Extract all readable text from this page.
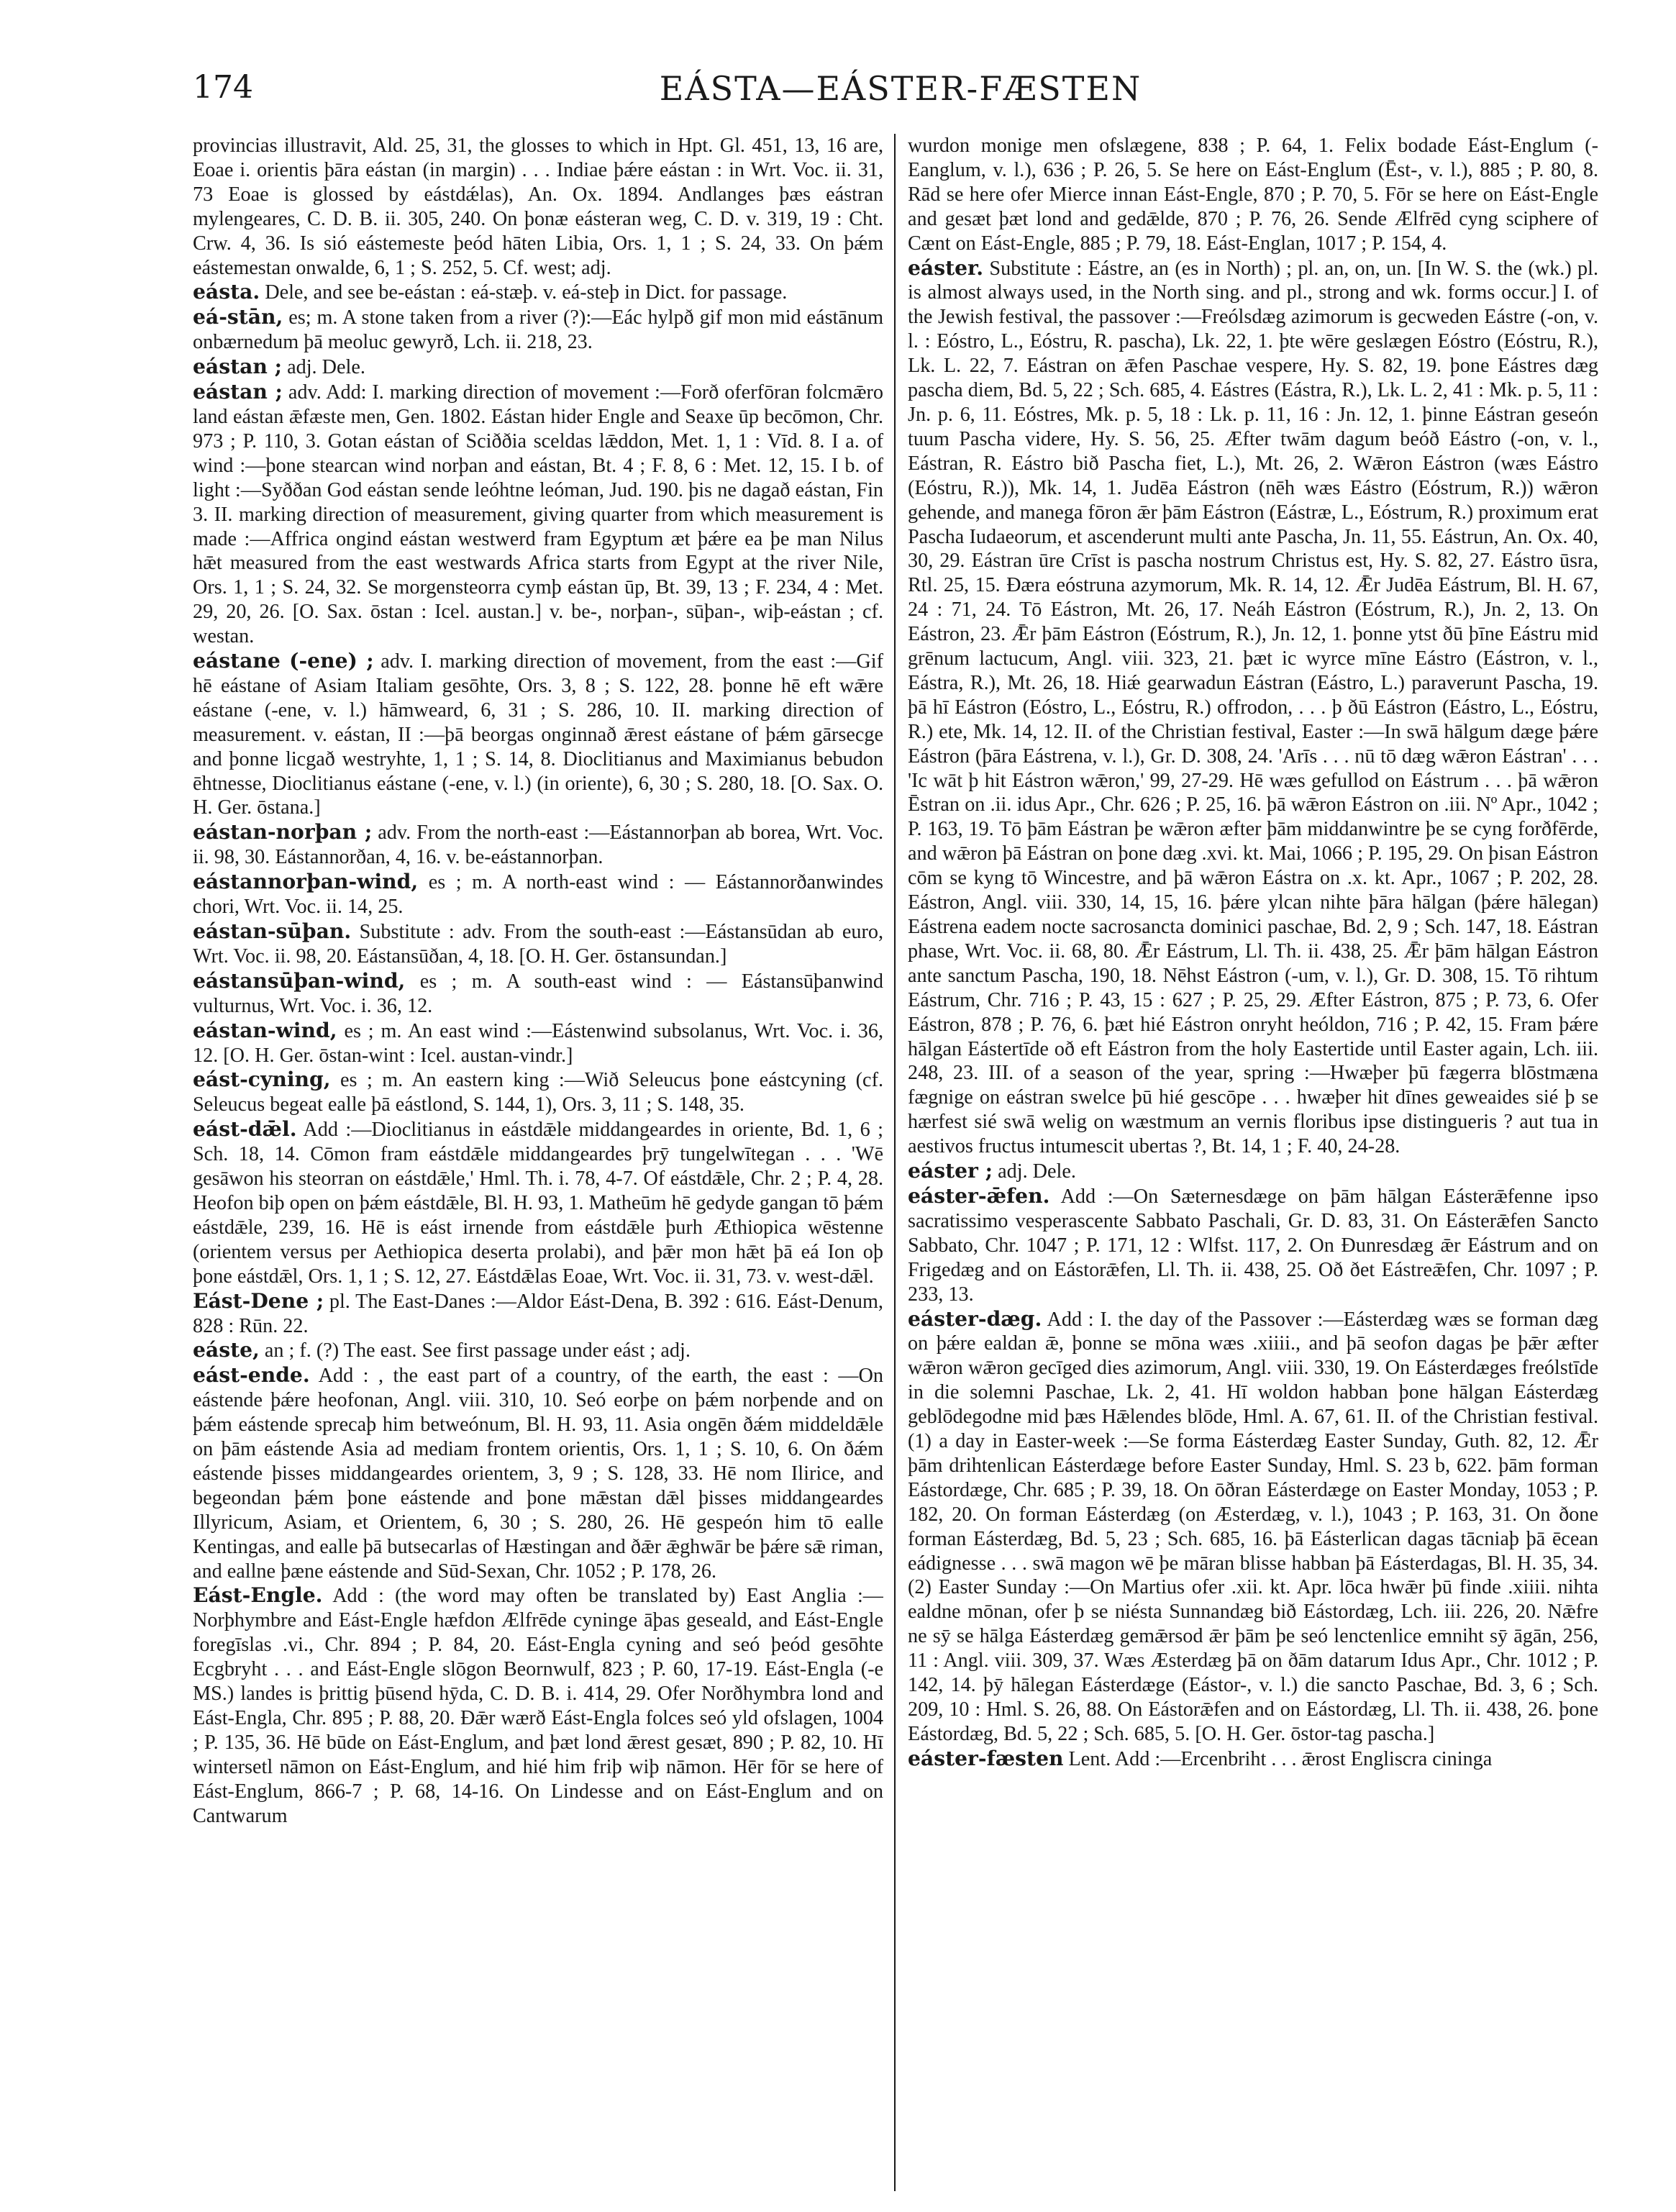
174	EÁSTA—EÁSTER-FÆSTEN

provincias illustravit, Ald. 25, 31, the glosses to which in Hpt. Gl. 451, 13, 16 are, Eoae i. orientis þāra eástan (in margin) . . . Indiae þǽre eástan : in Wrt. Voc. ii. 31, 73 Eoae is glossed by eástdǽlas), An. Ox. 1894. Andlanges þæs eástran mylengeares, C. D. B. ii. 305, 240. On þonæ eásteran weg, C. D. v. 319, 19 : Cht. Crw. 4, 36. Is sió eástemeste þeód hāten Libia, Ors. 1, 1 ; S. 24, 33. On þǽm eástemestan onwalde, 6, 1 ; S. 252, 5. Cf. west; adj.

eásta. Dele, and see be-eástan : eá-stæþ. v. eá-steþ in Dict. for passage.

eá-stān, es; m. A stone taken from a river (?):—Eác hylpð gif mon mid eástānum onbærnedum þā meoluc gewyrð, Lch. ii. 218, 23.

eástan ; adj. Dele.

eástan ; adv. Add: I. marking direction of movement :—Forð oferfōran folcmǣro land eástan ǣfæste men, Gen. 1802. Eástan hider Engle and Seaxe ūp becōmon, Chr. 973 ; P. 110, 3. Gotan eástan of Sciððia sceldas lǣddon, Met. 1, 1 : Vīd. 8. I a. of wind :—þone stearcan wind norþan and eástan, Bt. 4 ; F. 8, 6 : Met. 12, 15. I b. of light :—Syððan God eástan sende leóhtne leóman, Jud. 190. þis ne dagað eástan, Fin 3. II. marking direction of measurement, giving quarter from which measurement is made :—Affrica ongind eástan westwerd fram Egyptum æt þǽre ea þe man Nilus hǣt measured from the east westwards Africa starts from Egypt at the river Nile, Ors. 1, 1 ; S. 24, 32. Se morgensteorra cymþ eástan ūp, Bt. 39, 13 ; F. 234, 4 : Met. 29, 20, 26. [O. Sax. ōstan : Icel. austan.] v. be-, norþan-, sūþan-, wiþ-eástan ; cf. westan.

eástane (-ene) ; adv. I. marking direction of movement, from the east :—Gif hē eástane of Asiam Italiam gesōhte, Ors. 3, 8 ; S. 122, 28. þonne hē eft wǣre eástane (-ene, v. l.) hāmweard, 6, 31 ; S. 286, 10. II. marking direction of measurement. v. eástan, II :—þā beorgas onginnað ǣrest eástane of þǽm gārsecge and þonne licgað westryhte, 1, 1 ; S. 14, 8. Dioclitianus and Maximianus bebudon ēhtnesse, Dioclitianus eástane (-ene, v. l.) (in oriente), 6, 30 ; S. 280, 18. [O. Sax. O. H. Ger. ōstana.]

eástan-norþan ; adv. From the north-east :—Eástannorþan ab borea, Wrt. Voc. ii. 98, 30. Eástannorðan, 4, 16. v. be-eástannorþan.

eástannorþan-wind, es ; m. A north-east wind : — Eástannorðanwindes chori, Wrt. Voc. ii. 14, 25.

eástan-sūþan. Substitute : adv. From the south-east :—Eástansūdan ab euro, Wrt. Voc. ii. 98, 20. Eástansūðan, 4, 18. [O. H. Ger. ōstansundan.]

eástansūþan-wind, es ; m. A south-east wind : — Eástansūþanwind vulturnus, Wrt. Voc. i. 36, 12.

eástan-wind, es ; m. An east wind :—Eástenwind subsolanus, Wrt. Voc. i. 36, 12. [O. H. Ger. ōstan-wint : Icel. austan-vindr.]

eást-cyning, es ; m. An eastern king :—Wið Seleucus þone eástcyning (cf. Seleucus begeat ealle þā eástlond, S. 144, 1), Ors. 3, 11 ; S. 148, 35.

eást-dǣl. Add :—Dioclitianus in eástdǣle middangeardes in oriente, Bd. 1, 6 ; Sch. 18, 14. Cōmon fram eástdǣle middangeardes þrȳ tungelwītegan . . . 'Wē gesāwon his steorran on eástdǣle,' Hml. Th. i. 78, 4-7. Of eástdǣle, Chr. 2 ; P. 4, 28. Heofon biþ open on þǽm eástdǣle, Bl. H. 93, 1. Matheūm hē gedyde gangan tō þǽm eástdǣle, 239, 16. Hē is eást irnende from eástdǣle þurh Æthiopica wēstenne (orientem versus per Aethiopica deserta prolabi), and þǣr mon hǣt þā eá Ion oþ þone eástdǣl, Ors. 1, 1 ; S. 12, 27. Eástdǣlas Eoae, Wrt. Voc. ii. 31, 73. v. west-dǣl.

Eást-Dene ; pl. The East-Danes :—Aldor Eást-Dena, B. 392 : 616. Eást-Denum, 828 : Rūn. 22.

eáste, an ; f. (?) The east. See first passage under eást ; adj.

eást-ende. Add : , the east part of a country, of the earth, the east : —On eástende þǽre heofonan, Angl. viii. 310, 10. Seó eorþe on þǽm norþende and on þǽm eástende sprecaþ him betweónum, Bl. H. 93, 11. Asia ongēn ðǽm middeldǣle on þām eástende Asia ad mediam frontem orientis, Ors. 1, 1 ; S. 10, 6. On ðǽm eástende þisses middangeardes orientem, 3, 9 ; S. 128, 33. Hē nom Ilirice, and begeondan þǽm þone eástende and þone mǣstan dǣl þisses middangeardes Illyricum, Asiam, et Orientem, 6, 30 ; S. 280, 26. Hē gespeón him tō ealle Kentingas, and ealle þā butsecarlas of Hæstingan and ðǣr ǣghwār be þǽre sǣ riman, and eallne þæne eástende and Sūd-Sexan, Chr. 1052 ; P. 178, 26.

Eást-Engle. Add : (the word may often be translated by) East Anglia :—Norþhymbre and Eást-Engle hæfdon Ælfrēde cyninge āþas geseald, and Eást-Engle foregīslas .vi., Chr. 894 ; P. 84, 20. Eást-Engla cyning and seó þeód gesōhte Ecgbryht . . . and Eást-Engle slōgon Beornwulf, 823 ; P. 60, 17-19. Eást-Engla (-e MS.) landes is þrittig þūsend hȳda, C. D. B. i. 414, 29. Ofer Norðhymbra lond and Eást-Engla, Chr. 895 ; P. 88, 20. Ðǣr wærð Eást-Engla folces seó yld ofslagen, 1004 ; P. 135, 36. Hē būde on Eást-Englum, and þæt lond ǣrest gesæt, 890 ; P. 82, 10. Hī wintersetl nāmon on Eást-Englum, and hié him friþ wiþ nāmon. Hēr fōr se here of Eást-Englum, 866-7 ; P. 68, 14-16. On Lindesse and on Eást-Englum and on Cantwarum

wurdon monige men ofslægene, 838 ; P. 64, 1. Felix bodade Eást-Englum (-Eanglum, v. l.), 636 ; P. 26, 5. Se here on Eást-Englum (Ēst-, v. l.), 885 ; P. 80, 8. Rād se here ofer Mierce innan Eást-Engle, 870 ; P. 70, 5. Fōr se here on Eást-Engle and gesæt þæt lond and gedǣlde, 870 ; P. 76, 26. Sende Ælfrēd cyng sciphere of Cænt on Eást-Engle, 885 ; P. 79, 18. Eást-Englan, 1017 ; P. 154, 4.

eáster. Substitute : Eástre, an (es in North) ; pl. an, on, un. [In W. S. the (wk.) pl. is almost always used, in the North sing. and pl., strong and wk. forms occur.] I. of the Jewish festival, the passover :—Freólsdæg azimorum is gecweden Eástre (-on, v. l. : Eóstro, L., Eóstru, R. pascha), Lk. 22, 1. þte wēre geslægen Eóstro (Eóstru, R.), Lk. L. 22, 7. Eástran on ǣfen Paschae vespere, Hy. S. 82, 19. þone Eástres dæg pascha diem, Bd. 5, 22 ; Sch. 685, 4. Eástres (Eástra, R.), Lk. L. 2, 41 : Mk. p. 5, 11 : Jn. p. 6, 11. Eóstres, Mk. p. 5, 18 : Lk. p. 11, 16 : Jn. 12, 1. þinne Eástran geseón tuum Pascha videre, Hy. S. 56, 25. Æfter twām dagum beóð Eástro (-on, v. l., Eástran, R. Eástro bið Pascha fiet, L.), Mt. 26, 2. Wǣron Eástron (wæs Eástro (Eóstru, R.)), Mk. 14, 1. Judēa Eástron (nēh wæs Eástro (Eóstrum, R.)) wǣron gehende, and manega fōron ǣr þām Eástron (Eástræ, L., Eóstrum, R.) proximum erat Pascha Iudaeorum, et ascenderunt multi ante Pascha, Jn. 11, 55. Eástrun, An. Ox. 40, 30, 29. Eástran ūre Crīst is pascha nostrum Christus est, Hy. S. 82, 27. Eástro ūsra, Rtl. 25, 15. Ðæra eóstruna azymorum, Mk. R. 14, 12. Ǣr Judēa Eástrum, Bl. H. 67, 24 : 71, 24. Tō Eástron, Mt. 26, 17. Neáh Eástron (Eóstrum, R.), Jn. 2, 13. On Eástron, 23. Ǣr þām Eástron (Eóstrum, R.), Jn. 12, 1. þonne ytst ðū þīne Eástru mid grēnum lactucum, Angl. viii. 323, 21. þæt ic wyrce mīne Eástro (Eástron, v. l., Eástra, R.), Mt. 26, 18. Hiǽ gearwadun Eástran (Eástro, L.) paraverunt Pascha, 19. þā hī Eástron (Eóstro, L., Eóstru, R.) offrodon, . . . þ ðū Eástron (Eástro, L., Eóstru, R.) ete, Mk. 14, 12. II. of the Christian festival, Easter :—In swā hālgum dæge þǽre Eástron (þāra Eástrena, v. l.), Gr. D. 308, 24. 'Arīs . . . nū tō dæg wǣron Eástran' . . . 'Ic wāt þ hit Eástron wǣron,' 99, 27-29. Hē wæs gefullod on Eástrum . . . þā wǣron Ēstran on .ii. idus Apr., Chr. 626 ; P. 25, 16. þā wǣron Eástron on .iii. Nº Apr., 1042 ; P. 163, 19. Tō þām Eástran þe wǣron æfter þām middanwintre þe se cyng forðfērde, and wǣron þā Eástran on þone dæg .xvi. kt. Mai, 1066 ; P. 195, 29. On þisan Eástron cōm se kyng tō Wincestre, and þā wǣron Eástra on .x. kt. Apr., 1067 ; P. 202, 28. Eástron, Angl. viii. 330, 14, 15, 16. þǽre ylcan nihte þāra hālgan (þǽre hālegan) Eástrena eadem nocte sacrosancta dominici paschae, Bd. 2, 9 ; Sch. 147, 18. Eástran phase, Wrt. Voc. ii. 68, 80. Ǣr Eástrum, Ll. Th. ii. 438, 25. Ǣr þām hālgan Eástron ante sanctum Pascha, 190, 18. Nēhst Eástron (-um, v. l.), Gr. D. 308, 15. Tō rihtum Eástrum, Chr. 716 ; P. 43, 15 : 627 ; P. 25, 29. Æfter Eástron, 875 ; P. 73, 6. Ofer Eástron, 878 ; P. 76, 6. þæt hié Eástron onryht heóldon, 716 ; P. 42, 15. Fram þǽre hālgan Eástertīde oð eft Eástron from the holy Eastertide until Easter again, Lch. iii. 248, 23. III. of a season of the year, spring :—Hwæþer þū fægerra blōstmæna fægnige on eástran swelce þū hié gescōpe . . . hwæþer hit dīnes geweaides sié þ se hærfest sié swā welig on wæstmum an vernis floribus ipse distingueris ? aut tua in aestivos fructus intumescit ubertas ?, Bt. 14, 1 ; F. 40, 24-28.

eáster ; adj. Dele.

eáster-ǣfen. Add :—On Sæternesdæge on þām hālgan Eásterǣfenne ipso sacratissimo vesperascente Sabbato Paschali, Gr. D. 83, 31. On Eásterǣfen Sancto Sabbato, Chr. 1047 ; P. 171, 12 : Wlfst. 117, 2. On Ðunresdæg ǣr Eástrum and on Frigedæg and on Eástorǣfen, Ll. Th. ii. 438, 25. Oð ðet Eástreǣfen, Chr. 1097 ; P. 233, 13.

eáster-dæg. Add : I. the day of the Passover :—Eásterdæg wæs se forman dæg on þǽre ealdan ǣ, þonne se mōna wæs .xiiii., and þā seofon dagas þe þǣr æfter wǣron wǣron gecīged dies azimorum, Angl. viii. 330, 19. On Eásterdæges freólstīde in die solemni Paschae, Lk. 2, 41. Hī woldon habban þone hālgan Eásterdæg geblōdegodne mid þæs Hǣlendes blōde, Hml. A. 67, 61. II. of the Christian festival. (1) a day in Easter-week :—Se forma Eásterdæg Easter Sunday, Guth. 82, 12. Ǣr þām drihtenlican Eásterdæge before Easter Sunday, Hml. S. 23 b, 622. þām forman Eástordæge, Chr. 685 ; P. 39, 18. On ōðran Eásterdæge on Easter Monday, 1053 ; P. 182, 20. On forman Eásterdæg (on Æsterdæg, v. l.), 1043 ; P. 163, 31. On ðone forman Eásterdæg, Bd. 5, 23 ; Sch. 685, 16. þā Eásterlican dagas tācniaþ þā ēcean eádignesse . . . swā magon wē þe māran blisse habban þā Eásterdagas, Bl. H. 35, 34. (2) Easter Sunday :—On Martius ofer .xii. kt. Apr. lōca hwǣr þū finde .xiiii. nihta ealdne mōnan, ofer þ se niésta Sunnandæg bið Eástordæg, Lch. iii. 226, 20. Nǣfre ne sȳ se hālga Eásterdæg gemǣrsod ǣr þām þe seó lenctenlice emniht sȳ āgān, 256, 11 : Angl. viii. 309, 37. Wæs Æsterdæg þā on ðām datarum Idus Apr., Chr. 1012 ; P. 142, 14. þȳ hālegan Eásterdæge (Eástor-, v. l.) die sancto Paschae, Bd. 3, 6 ; Sch. 209, 10 : Hml. S. 26, 88. On Eástorǣfen and on Eástordæg, Ll. Th. ii. 438, 26. þone Eástordæg, Bd. 5, 22 ; Sch. 685, 5. [O. H. Ger. ōstor-tag pascha.]

eáster-fæsten Lent. Add :—Ercenbriht . . . ǣrost Engliscra cininga
